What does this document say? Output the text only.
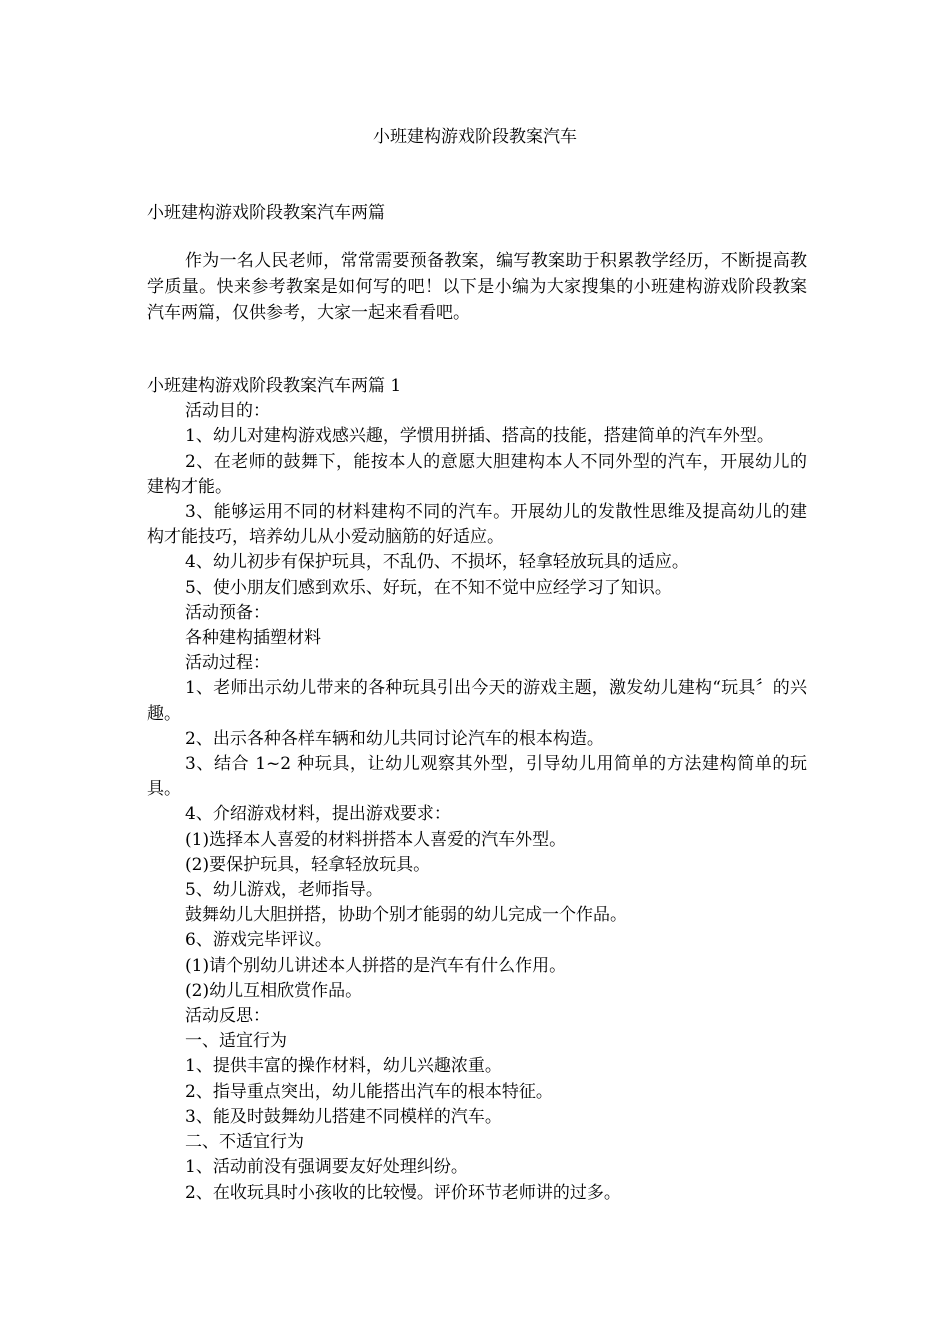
小班建构游戏阶段教案汽车
小班建构游戏阶段教案汽车两篇

作为一名人民老师，常常需要预备教案，编写教案助于积累教学经历，不断提高教学质量。快来参考教案是如何写的吧！以下是小编为大家搜集的小班建构游戏阶段教案汽车两篇，仅供参考，大家一起来看看吧。

小班建构游戏阶段教案汽车两篇 1

活动目的：

1、幼儿对建构游戏感兴趣，学惯用拼插、搭高的技能，搭建简单的汽车外型。

2、在老师的鼓舞下，能按本人的意愿大胆建构本人不同外型的汽车，开展幼儿的建构才能。

3、能够运用不同的材料建构不同的汽车。开展幼儿的发散性思维及提高幼儿的建构才能技巧，培养幼儿从小爱动脑筋的好适应。

4、幼儿初步有保护玩具，不乱仍、不损坏，轻拿轻放玩具的适应。

5、使小朋友们感到欢乐、好玩，在不知不觉中应经学习了知识。

活动预备：

各种建构插塑材料

活动过程：

1、老师出示幼儿带来的各种玩具引出今天的游戏主题，激发幼儿建构“玩具〞的兴趣。

2、出示各种各样车辆和幼儿共同讨论汽车的根本构造。

3、结合 1~2 种玩具，让幼儿观察其外型，引导幼儿用简单的方法建构简单的玩具。

4、介绍游戏材料，提出游戏要求：

(1)选择本人喜爱的材料拼搭本人喜爱的汽车外型。

(2)要保护玩具，轻拿轻放玩具。

5、幼儿游戏，老师指导。

鼓舞幼儿大胆拼搭，协助个别才能弱的幼儿完成一个作品。

6、游戏完毕评议。

(1)请个别幼儿讲述本人拼搭的是汽车有什么作用。

(2)幼儿互相欣赏作品。

活动反思：

一、适宜行为

1、提供丰富的操作材料，幼儿兴趣浓重。

2、指导重点突出，幼儿能搭出汽车的根本特征。

3、能及时鼓舞幼儿搭建不同模样的汽车。

二、不适宜行为

1、活动前没有强调要友好处理纠纷。

2、在收玩具时小孩收的比较慢。评价环节老师讲的过多。
